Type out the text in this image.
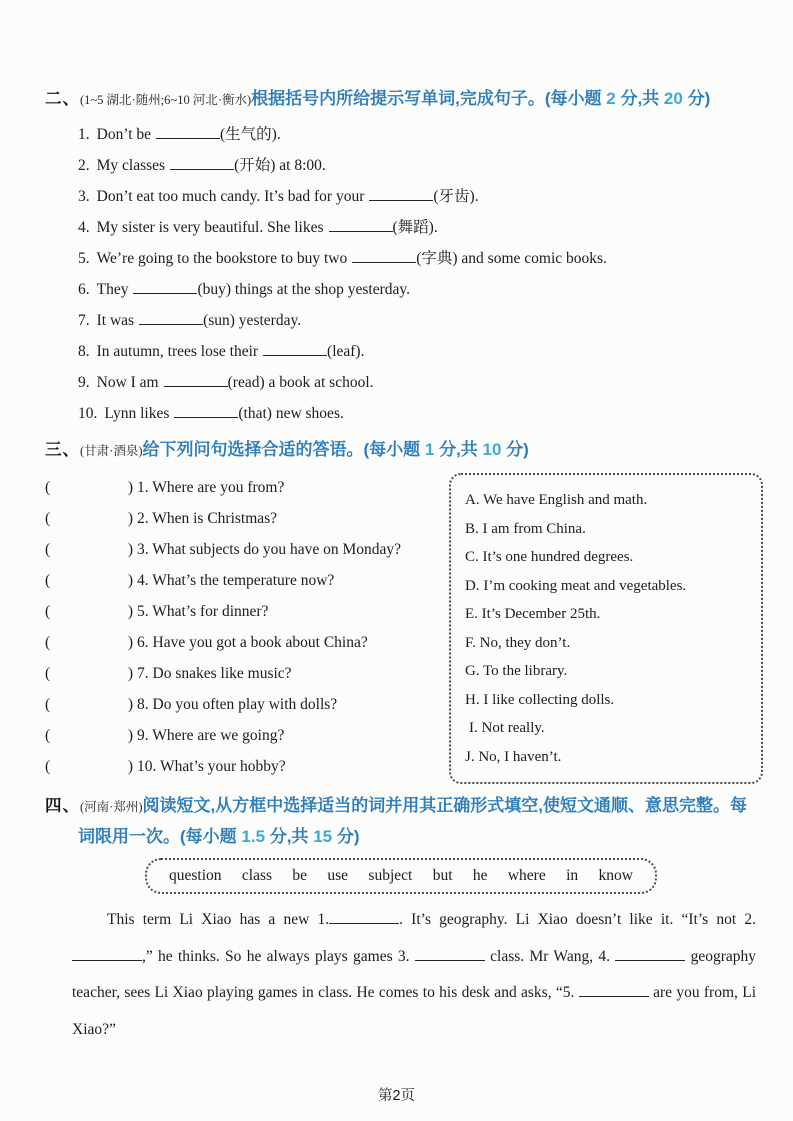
二、(1~5 湖北·随州;6~10 河北·衡水)根据括号内所给提示写单词,完成句子。(每小题 2 分,共 20 分)
1. Don’t be	(生气的).
2. My classes	(开始) at 8:00.
3. Don’t eat too much candy. It’s bad for your	(牙齿).
4. My sister is very beautiful. She likes	(舞蹈).
5. We’re going to the bookstore to buy two	(字典) and some comic books.
6. They	(buy) things at the shop yesterday.
7. It was	(sun) yesterday.
8. In autumn, trees lose their	(leaf).
9. Now I am	(read) a book at school.
10. Lynn likes	(that) new shoes.
三、(甘肃·酒泉)给下列问句选择合适的答语。(每小题 1 分,共 10 分)
(	) 1. Where are you from?
(	) 2. When is Christmas?
(	) 3. What subjects do you have on Monday?
(	) 4. What’s the temperature now?
(	) 5. What’s for dinner?
(	) 6. Have you got a book about China?
(	) 7. Do snakes like music?
(	) 8. Do you often play with dolls?
(	) 9. Where are we going?
(	) 10. What’s your hobby?
A. We have English and math.
B. I am from China.
C. It’s one hundred degrees.
D. I’m cooking meat and vegetables.
E. It’s December 25th.
F. No, they don’t.
G. To the library.
H. I like collecting dolls.
I. Not really.
J. No, I haven’t.
四、(河南·郑州)阅读短文,从方框中选择适当的词并用其正确形式填空,使短文通顺、意思完整。每词限用一次。(每小题 1.5 分,共 15 分)
question class be use subject but he where in know
This term Li Xiao has a new 1.	. It’s geography. Li Xiao doesn’t like it. “It’s not 2. ,” he thinks. So he always plays games 3.	class. Mr Wang, 4.	geography teacher, sees Li Xiao playing games in class. He comes to his desk and asks, “5.	are you from, Li Xiao?”
第2页
